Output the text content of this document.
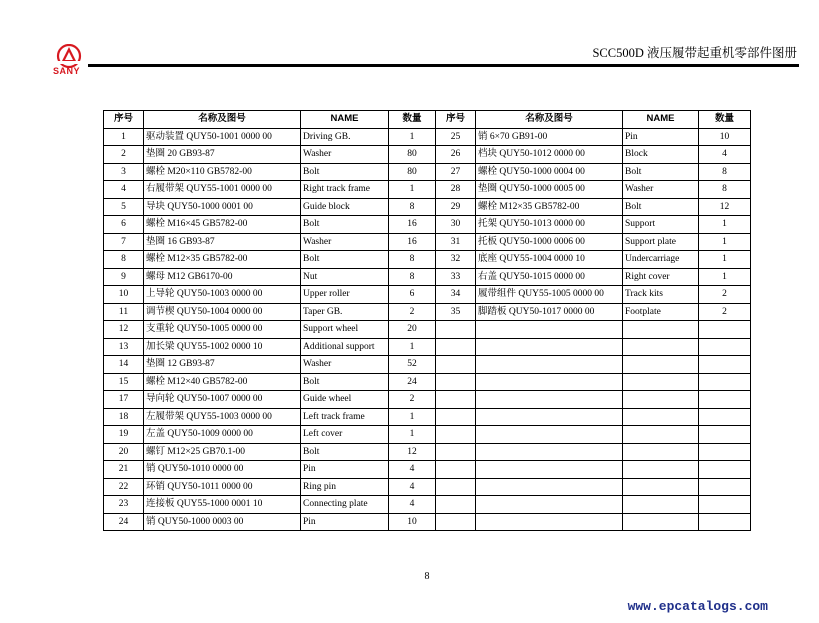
SANY
SCC500D 液压履带起重机零部件图册
序号	名称及图号	NAME	数量	序号	名称及图号	NAME	数量
1	驱动装置 QUY50-1001 0000 00	Driving GB.	1	25	销 6×70 GB91-00	Pin	10
2	垫圈 20 GB93-87	Washer	80	26	档块 QUY50-1012 0000 00	Block	4
3	螺栓 M20×110 GB5782-00	Bolt	80	27	螺栓 QUY50-1000 0004 00	Bolt	8
4	右履带架 QUY55-1001 0000 00	Right track frame	1	28	垫圈 QUY50-1000 0005 00	Washer	8
5	导块 QUY50-1000 0001 00	Guide block	8	29	螺栓 M12×35 GB5782-00	Bolt	12
6	螺栓 M16×45 GB5782-00	Bolt	16	30	托架 QUY50-1013 0000 00	Support	1
7	垫圈 16 GB93-87	Washer	16	31	托板 QUY50-1000 0006 00	Support plate	1
8	螺栓 M12×35 GB5782-00	Bolt	8	32	底座 QUY55-1004 0000 10	Undercarriage	1
9	螺母 M12 GB6170-00	Nut	8	33	右盖 QUY50-1015 0000 00	Right cover	1
10	上导轮 QUY50-1003 0000 00	Upper roller	6	34	履带组件 QUY55-1005 0000 00	Track kits	2
11	调节楔 QUY50-1004 0000 00	Taper GB.	2	35	脚踏板 QUY50-1017 0000 00	Footplate	2
12	支重轮 QUY50-1005 0000 00	Support wheel	20				
13	加长梁 QUY55-1002 0000 10	Additional support	1				
14	垫圈 12 GB93-87	Washer	52				
15	螺栓 M12×40 GB5782-00	Bolt	24				
17	导向轮 QUY50-1007 0000 00	Guide wheel	2				
18	左履带架 QUY55-1003 0000 00	Left track frame	1				
19	左盖 QUY50-1009 0000 00	Left cover	1				
20	螺钉 M12×25 GB70.1-00	Bolt	12				
21	销 QUY50-1010 0000 00	Pin	4				
22	环销 QUY50-1011 0000 00	Ring pin	4				
23	连接板 QUY55-1000 0001 10	Connecting plate	4				
24	销 QUY50-1000 0003 00	Pin	10				
8
www.epcatalogs.com
